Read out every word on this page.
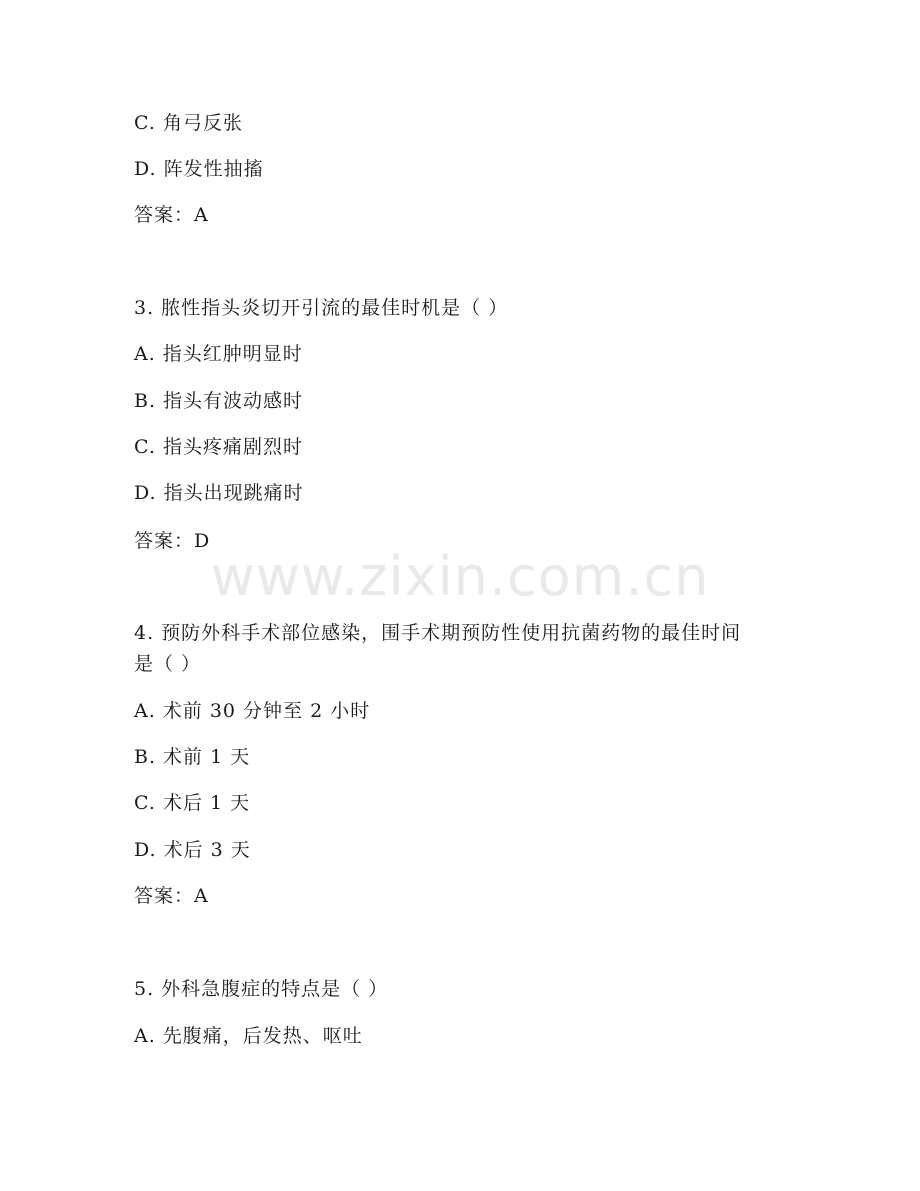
www.zixin.com.cn
C. 角弓反张
D. 阵发性抽搐
答案：A
3. 脓性指头炎切开引流的最佳时机是（ ）
A. 指头红肿明显时
B. 指头有波动感时
C. 指头疼痛剧烈时
D. 指头出现跳痛时
答案：D
4. 预防外科手术部位感染，围手术期预防性使用抗菌药物的最佳时间
是（ ）
A. 术前 30 分钟至 2 小时
B. 术前 1 天
C. 术后 1 天
D. 术后 3 天
答案：A
5. 外科急腹症的特点是（ ）
A. 先腹痛，后发热、呕吐
